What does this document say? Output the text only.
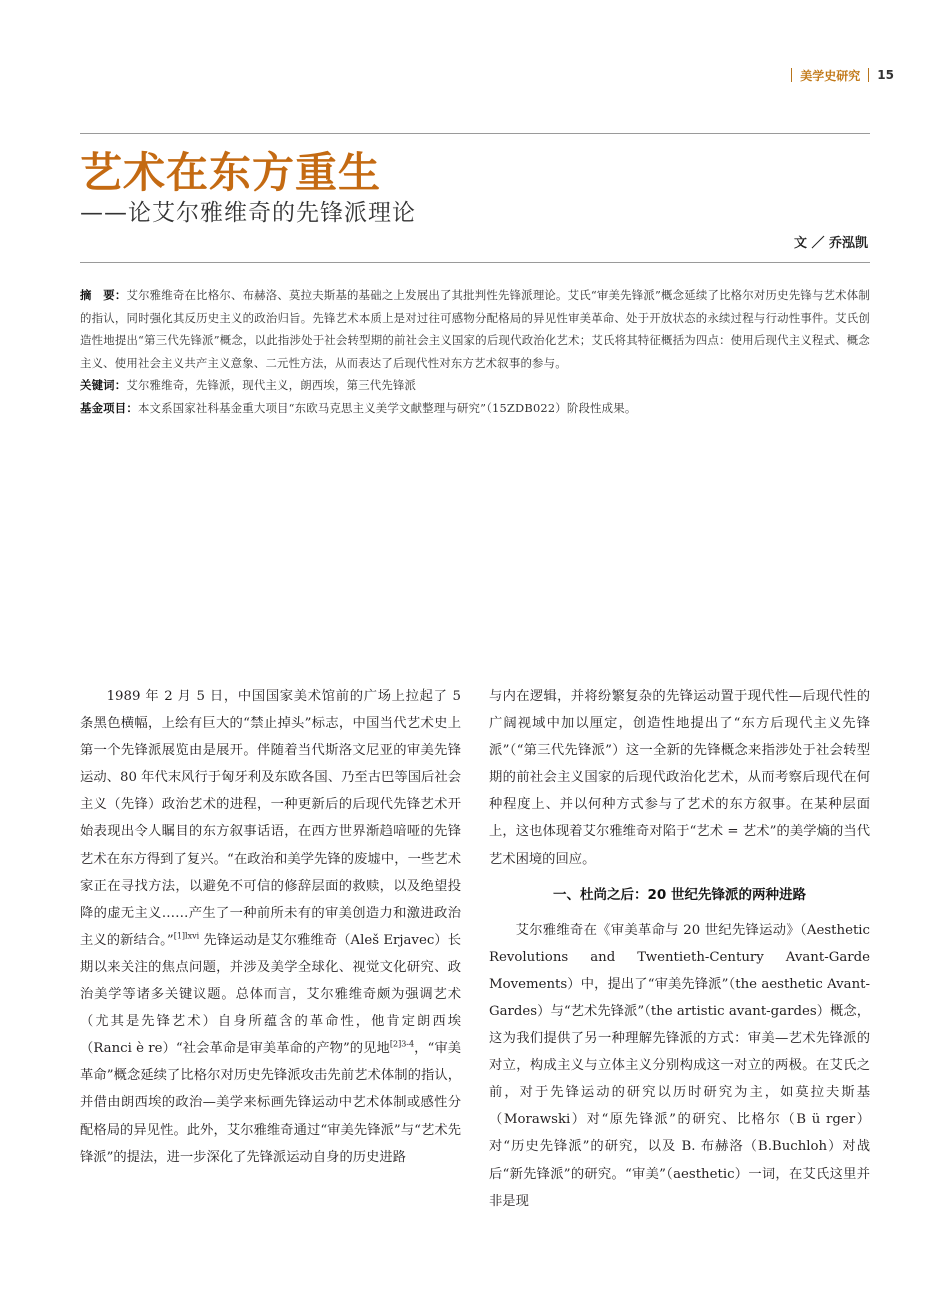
美学史研究 15
艺术在东方重生
——论艾尔雅维奇的先锋派理论
文 ／ 乔泓凯

摘　要：艾尔雅维奇在比格尔、布赫洛、莫拉夫斯基的基础之上发展出了其批判性先锋派理论。艾氏“审美先锋派”概念延续了比格尔对历史先锋与艺术体制的指认，同时强化其反历史主义的政治归旨。先锋艺术本质上是对过往可感物分配格局的异见性审美革命、处于开放状态的永续过程与行动性事件。艾氏创造性地提出“第三代先锋派”概念，以此指涉处于社会转型期的前社会主义国家的后现代政治化艺术；艾氏将其特征概括为四点：使用后现代主义程式、概念主义、使用社会主义共产主义意象、二元性方法，从而表达了后现代性对东方艺术叙事的参与。

关键词：艾尔雅维奇，先锋派，现代主义，朗西埃，第三代先锋派

基金项目：本文系国家社科基金重大项目“东欧马克思主义美学文献整理与研究”（15ZDB022）阶段性成果。

1989 年 2 月 5 日，中国国家美术馆前的广场上拉起了 5 条黑色横幅，上绘有巨大的“禁止掉头”标志，中国当代艺术史上第一个先锋派展览由是展开。伴随着当代斯洛文尼亚的审美先锋运动、80 年代末风行于匈牙利及东欧各国、乃至古巴等国后社会主义（先锋）政治艺术的进程，一种更新后的后现代先锋艺术开始表现出令人瞩目的东方叙事话语，在西方世界渐趋喑哑的先锋艺术在东方得到了复兴。“在政治和美学先锋的废墟中，一些艺术家正在寻找方法，以避免不可信的修辞层面的救赎，以及绝望投降的虚无主义……产生了一种前所未有的审美创造力和激进政治主义的新结合。”$^{[1]lxvi}$ 先锋运动是艾尔雅维奇（Aleš Erjavec）长期以来关注的焦点问题，并涉及美学全球化、视觉文化研究、政治美学等诸多关键议题。总体而言，艾尔雅维奇颇为强调艺术（尤其是先锋艺术）自身所蕴含的革命性，他肯定朗西埃（Ranci è re）“社会革命是审美革命的产物”的见地$^{[2]3-4}$，“审美革命”概念延续了比格尔对历史先锋派攻击先前艺术体制的指认，并借由朗西埃的政治—美学来标画先锋运动中艺术体制或感性分配格局的异见性。此外，艾尔雅维奇通过“审美先锋派”与“艺术先锋派”的提法，进一步深化了先锋派运动自身的历史进路

与内在逻辑，并将纷繁复杂的先锋运动置于现代性—后现代性的广阔视域中加以厘定，创造性地提出了“东方后现代主义先锋派”（“第三代先锋派”）这一全新的先锋概念来指涉处于社会转型期的前社会主义国家的后现代政治化艺术，从而考察后现代在何种程度上、并以何种方式参与了艺术的东方叙事。在某种层面上，这也体现着艾尔雅维奇对陷于“艺术 = 艺术”的美学熵的当代艺术困境的回应。

一、杜尚之后：20 世纪先锋派的两种进路

艾尔雅维奇在《审美革命与 20 世纪先锋运动》（Aesthetic Revolutions and Twentieth-Century Avant-Garde Movements）中，提出了“审美先锋派”（the aesthetic Avant-Gardes）与“艺术先锋派”（the artistic avant-gardes）概念，这为我们提供了另一种理解先锋派的方式：审美—艺术先锋派的对立，构成主义与立体主义分别构成这一对立的两极。在艾氏之前，对于先锋运动的研究以历时研究为主，如莫拉夫斯基（Morawski）对“原先锋派”的研究、比格尔（B ü rger）对“历史先锋派”的研究，以及 B. 布赫洛（B.Buchloh）对战后“新先锋派”的研究。“审美”（aesthetic）一词，在艾氏这里并非是现
